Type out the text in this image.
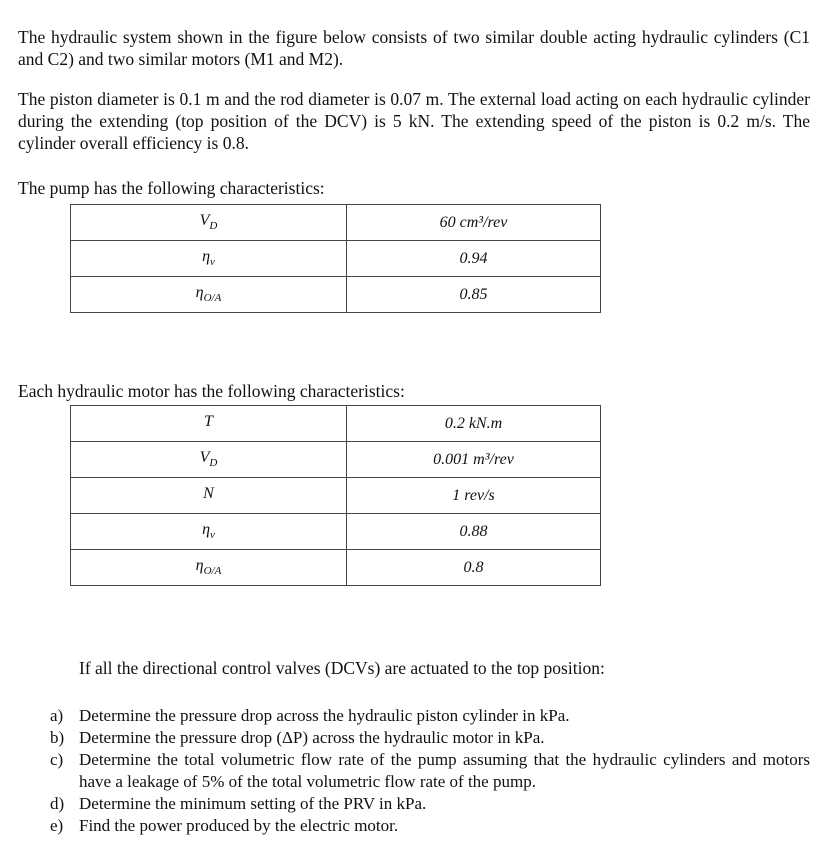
The hydraulic system shown in the figure below consists of two similar double acting hydraulic cylinders (C1 and C2) and two similar motors (M1 and M2).

The piston diameter is 0.1 m and the rod diameter is 0.07 m. The external load acting on each hydraulic cylinder during the extending (top position of the DCV) is 5 kN. The extending speed of the piston is 0.2 m/s. The cylinder overall efficiency is 0.8.

The pump has the following characteristics:

$V_D$	60 cm³/rev
$\eta_v$	0.94
$\eta_{O/A}$	0.85

Each hydraulic motor has the following characteristics:

T	0.2 kN.m
$V_D$	0.001 m³/rev
N	1 rev/s
$\eta_v$	0.88
$\eta_{O/A}$	0.8

If all the directional control valves (DCVs) are actuated to the top position:

a) Determine the pressure drop across the hydraulic piston cylinder in kPa.
b) Determine the pressure drop (ΔP) across the hydraulic motor in kPa.
c) Determine the total volumetric flow rate of the pump assuming that the hydraulic cylinders and motors have a leakage of 5% of the total volumetric flow rate of the pump.
d) Determine the minimum setting of the PRV in kPa.
e) Find the power produced by the electric motor.
